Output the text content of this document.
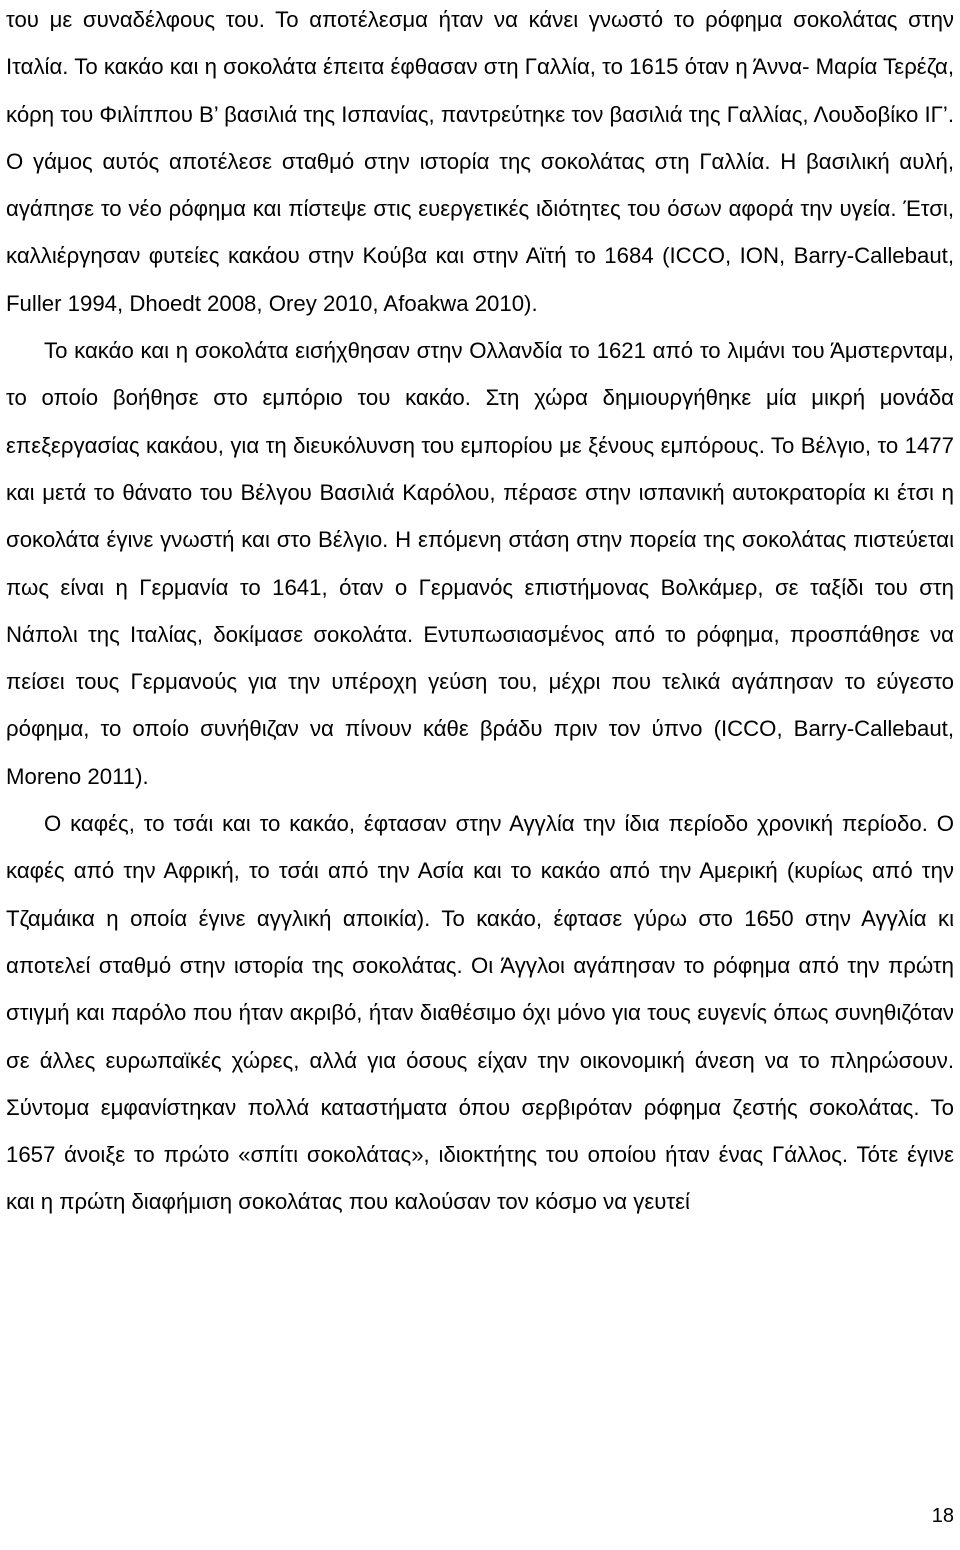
του με συναδέλφους του. Το αποτέλεσμα ήταν να κάνει γνωστό το ρόφημα σοκολάτας στην Ιταλία. Το κακάο και η σοκολάτα έπειτα έφθασαν στη Γαλλία, το 1615 όταν η Άννα- Μαρία Τερέζα, κόρη του Φιλίππου Β’ βασιλιά της Ισπανίας, παντρεύτηκε τον βασιλιά της Γαλλίας, Λουδοβίκο ΙΓ’. Ο γάμος αυτός αποτέλεσε σταθμό στην ιστορία της σοκολάτας στη Γαλλία. Η βασιλική αυλή, αγάπησε το νέο ρόφημα και πίστεψε στις ευεργετικές ιδιότητες του όσων αφορά την υγεία. Έτσι, καλλιέργησαν φυτείες κακάου στην Κούβα και στην Αϊτή το 1684 (ICCO, ION, Barry-Callebaut, Fuller 1994, Dhoedt 2008, Orey 2010, Afoakwa 2010).

Το κακάο και η σοκολάτα εισήχθησαν στην Ολλανδία το 1621 από το λιμάνι του Άμστερνταμ, το οποίο βοήθησε στο εμπόριο του κακάο. Στη χώρα δημιουργήθηκε μία μικρή μονάδα επεξεργασίας κακάου, για τη διευκόλυνση του εμπορίου με ξένους εμπόρους. Το Βέλγιο, το 1477 και μετά το θάνατο του Βέλγου Βασιλιά Καρόλου, πέρασε στην ισπανική αυτοκρατορία κι έτσι η σοκολάτα έγινε γνωστή και στο Βέλγιο. Η επόμενη στάση στην πορεία της σοκολάτας πιστεύεται πως είναι η Γερμανία το 1641, όταν ο Γερμανός επιστήμονας Βολκάμερ, σε ταξίδι του στη Νάπολι της Ιταλίας, δοκίμασε σοκολάτα. Εντυπωσιασμένος από το ρόφημα, προσπάθησε να πείσει τους Γερμανούς για την υπέροχη γεύση του, μέχρι που τελικά αγάπησαν το εύγεστο ρόφημα, το οποίο συνήθιζαν να πίνουν κάθε βράδυ πριν τον ύπνο (ICCO, Barry-Callebaut, Moreno 2011).

Ο καφές, το τσάι και το κακάο, έφτασαν στην Αγγλία την ίδια περίοδο χρονική περίοδο. Ο καφές από την Αφρική, το τσάι από την Ασία και το κακάο από την Αμερική (κυρίως από την Τζαμάικα η οποία έγινε αγγλική αποικία). Το κακάο, έφτασε γύρω στο 1650 στην Αγγλία κι αποτελεί σταθμό στην ιστορία της σοκολάτας. Οι Άγγλοι αγάπησαν το ρόφημα από την πρώτη στιγμή και παρόλο που ήταν ακριβό, ήταν διαθέσιμο όχι μόνο για τους ευγενίς όπως συνηθιζόταν σε άλλες ευρωπαϊκές χώρες, αλλά για όσους είχαν την οικονομική άνεση να το πληρώσουν. Σύντομα εμφανίστηκαν πολλά καταστήματα όπου σερβιρόταν ρόφημα ζεστής σοκολάτας. Το 1657 άνοιξε το πρώτο «σπίτι σοκολάτας», ιδιοκτήτης του οποίου ήταν ένας Γάλλος. Τότε έγινε και η πρώτη διαφήμιση σοκολάτας που καλούσαν τον κόσμο να γευτεί

18
